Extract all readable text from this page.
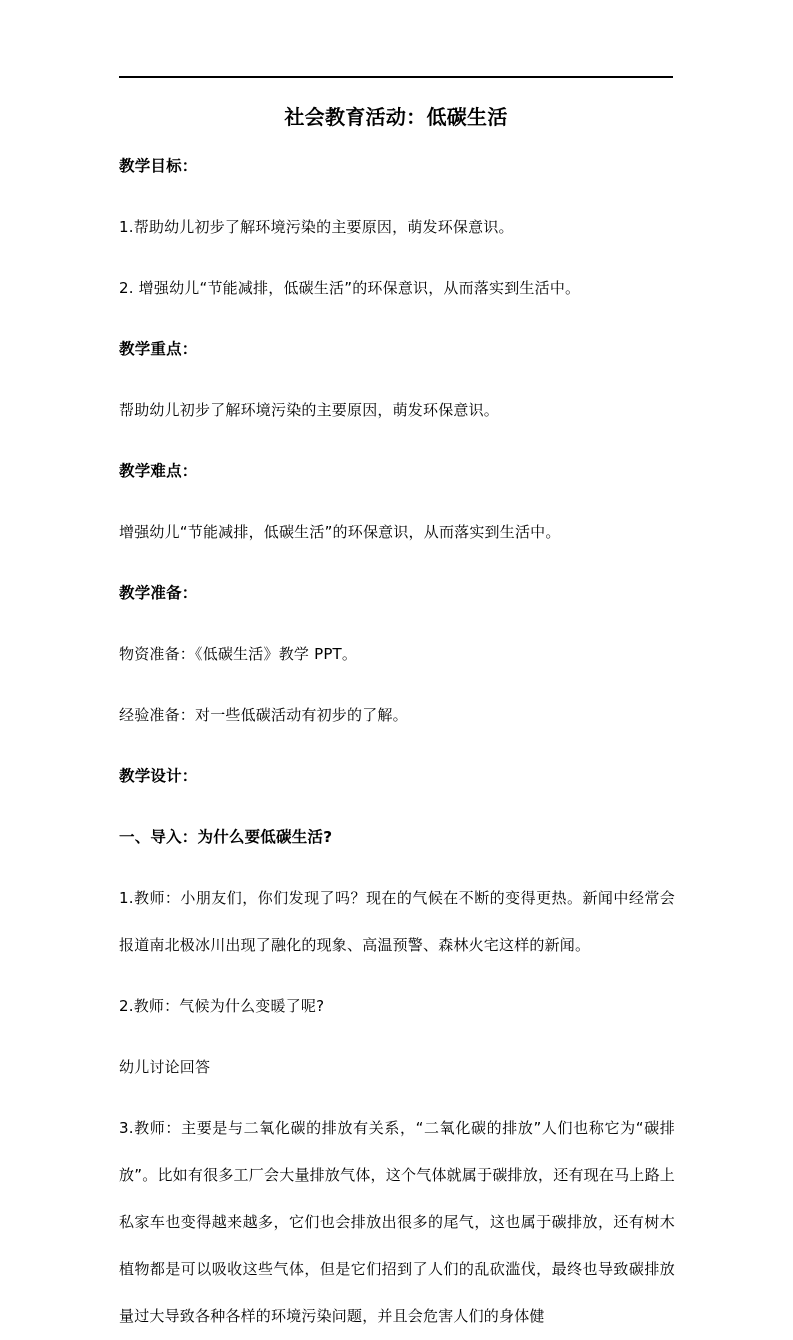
社会教育活动：低碳生活

教学目标：

1.帮助幼儿初步了解环境污染的主要原因，萌发环保意识。

2. 增强幼儿“节能减排，低碳生活”的环保意识，从而落实到生活中。

教学重点：

帮助幼儿初步了解环境污染的主要原因，萌发环保意识。

教学难点：

增强幼儿“节能减排，低碳生活”的环保意识，从而落实到生活中。

教学准备：

物资准备：《低碳生活》教学 PPT。

经验准备：对一些低碳活动有初步的了解。

教学设计：

一、导入：为什么要低碳生活?

1.教师：小朋友们，你们发现了吗？现在的气候在不断的变得更热。新闻中经常会报道南北极冰川出现了融化的现象、高温预警、森林火宅这样的新闻。

2.教师：气候为什么变暖了呢?

幼儿讨论回答

3.教师：主要是与二氧化碳的排放有关系，“二氧化碳的排放”人们也称它为“碳排放”。比如有很多工厂会大量排放气体，这个气体就属于碳排放，还有现在马上路上私家车也变得越来越多，它们也会排放出很多的尾气，这也属于碳排放，还有树木植物都是可以吸收这些气体，但是它们招到了人们的乱砍滥伐，最终也导致碳排放量过大导致各种各样的环境污染问题，并且会危害人们的身体健
